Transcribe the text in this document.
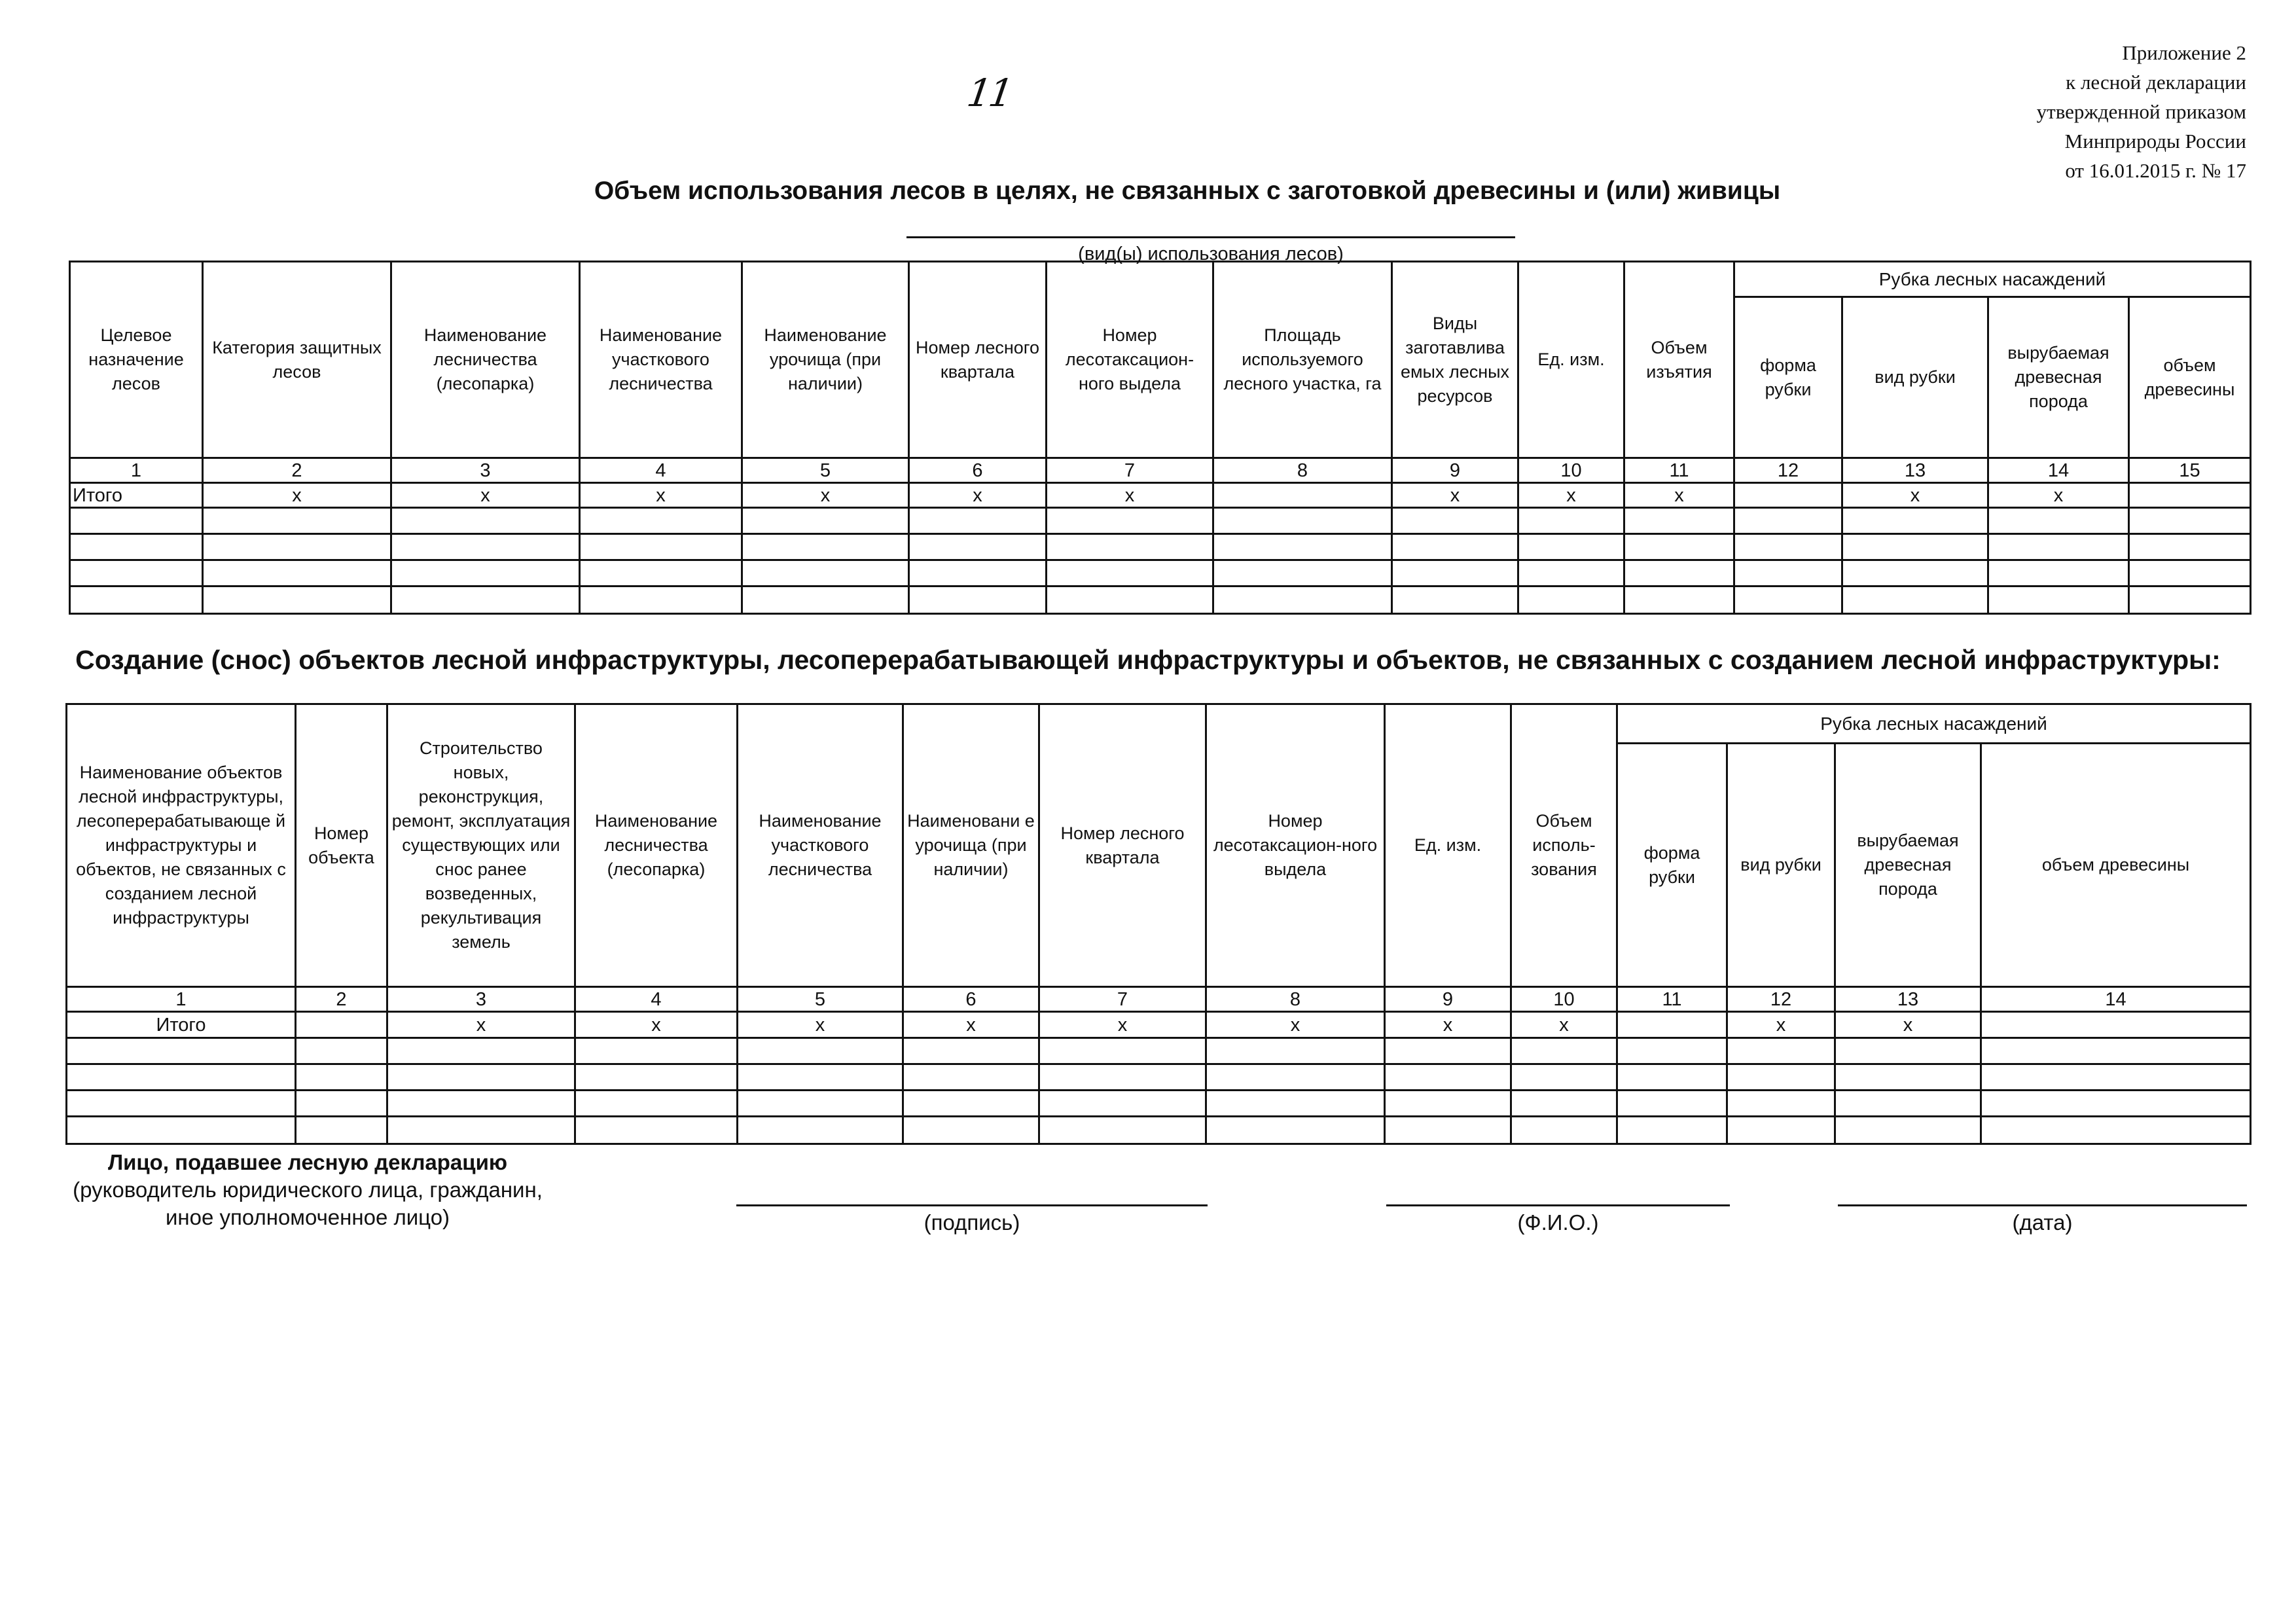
Приложение 2
к лесной декларации
утвержденной приказом
Минприроды России
от 16.01.2015 г. № 17
11
Объем использования лесов в целях, не связанных с заготовкой древесины и (или) живицы
(вид(ы) использования лесов)
Целевое назначение лесов	Категория защитных лесов	Наименование лесничества (лесопарка)	Наименование участкового лесничества	Наименование урочища (при наличии)	Номер лесного квартала	Номер лесотаксацион-ного выдела	Площадь используемого лесного участка, га	Виды заготавлива емых лесных ресурсов	Ед. изм.	Объем изъятия	Рубка лесных насаждений			
											форма рубки	вид рубки	вырубаемая древесная порода	объем древесины
1	2	3	4	5	6	7	8	9	10	11	12	13	14	15
Итого	х	х	х	х	х	х		х	х	х		х	х	

Создание (снос) объектов лесной инфраструктуры, лесоперерабатывающей инфраструктуры и объектов, не связанных с созданием лесной инфраструктуры:
Наименование объектов лесной инфраструктуры, лесоперерабатывающе й инфраструктуры и объектов, не связанных с созданием лесной инфраструктуры	Номер объекта	Строительство новых, реконструкция, ремонт, эксплуатация существующих или снос ранее возведенных, рекультивация земель	Наименование лесничества (лесопарка)	Наименование участкового лесничества	Наименовани е урочища (при наличии)	Номер лесного квартала	Номер лесотаксацион-ного выдела	Ед. изм.	Объем исполь-зования	Рубка лесных насаждений			
										форма рубки	вид рубки	вырубаемая древесная порода	объем древесины
1	2	3	4	5	6	7	8	9	10	11	12	13	14
Итого		х	х	х	х	х	х	х	х		х	х	

Лицо, подавшее лесную декларацию
(руководитель юридического лица, гражданин,
иное уполномоченное лицо)	(подпись)	(Ф.И.О.)	(дата)
